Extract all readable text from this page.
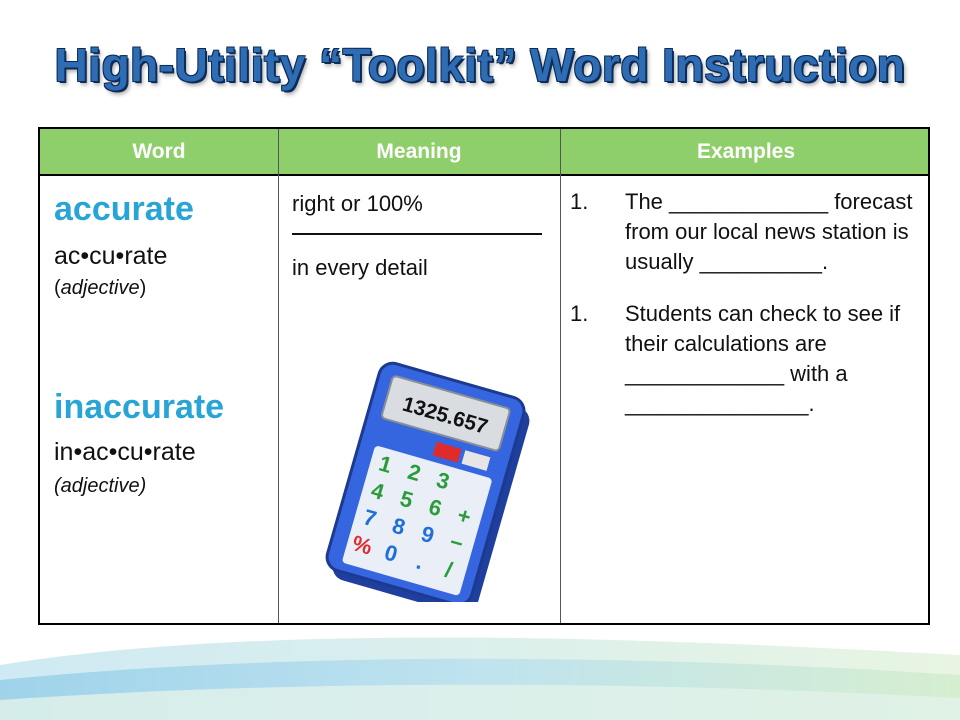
High-Utility “Toolkit” Word Instruction
Word	Meaning	Examples
accurate
ac•cu•rate
(adjective)
inaccurate
in•ac•cu•rate
(adjective)
right or 100%
in every detail
1. The _____________ forecast from our local news station is usually __________.
1. Students can check to see if their calculations are _____________ with a _______________.
1325.657
1 2 3
4 5 6 +
7 8 9 −
% 0 . /
